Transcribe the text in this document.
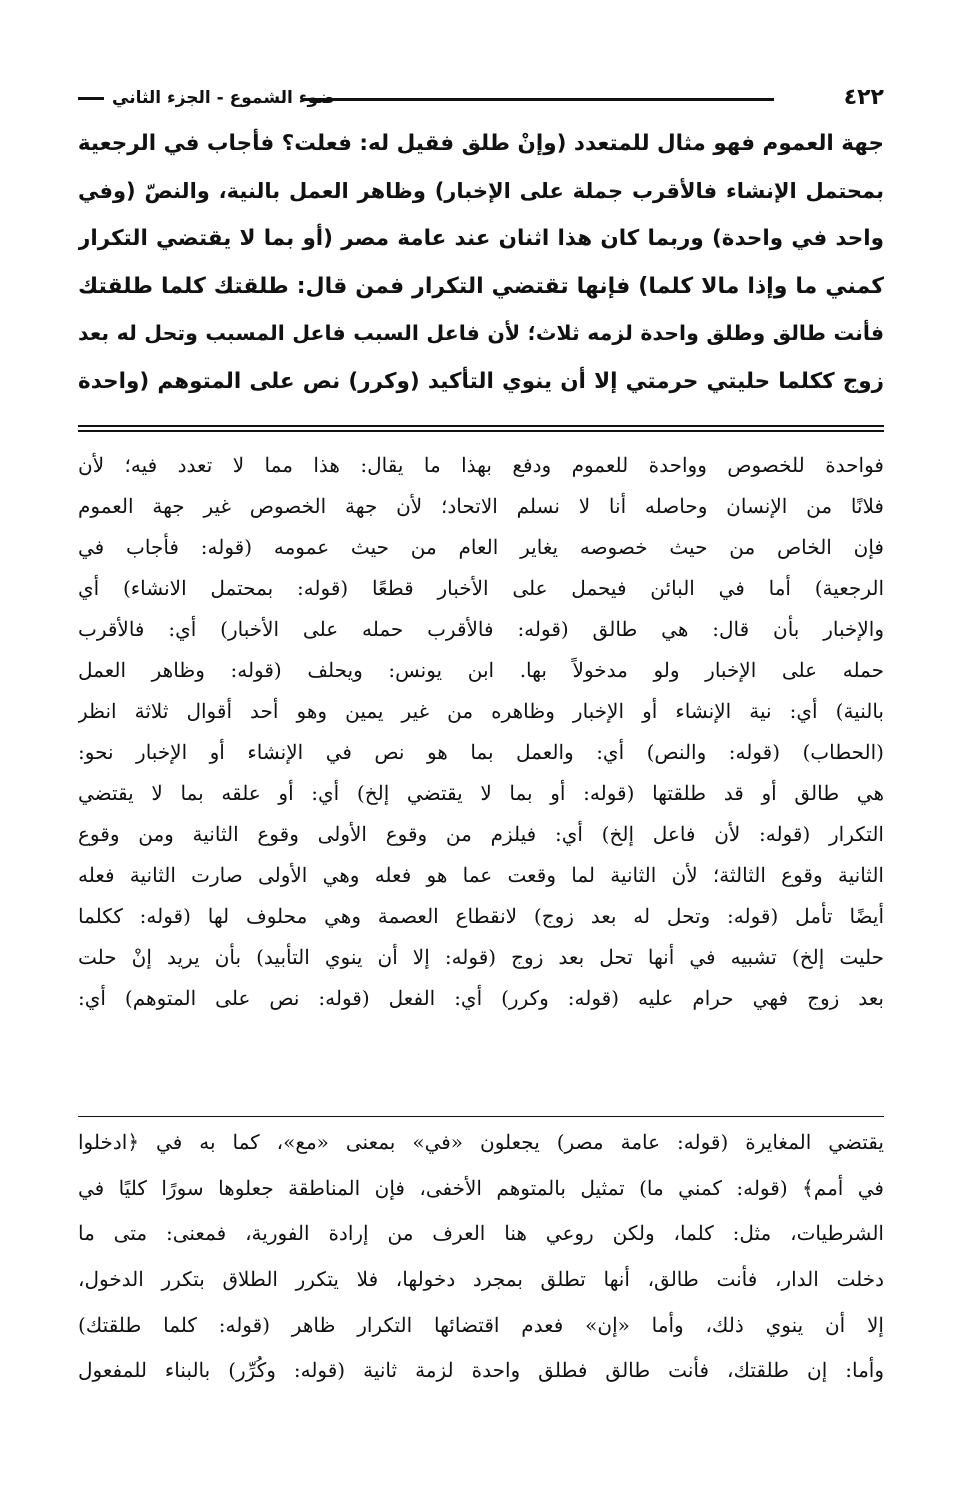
٤٢٢
ضوء الشموع - الجزء الثاني
جهة العموم فهو مثال للمتعدد (وإنْ طلق فقيل له: فعلت؟ فأجاب في الرجعية
بمحتمل الإنشاء فالأقرب جملة على الإخبار) وظاهر العمل بالنية، والنصّ (وفي
واحد في واحدة) وربما كان هذا اثنان عند عامة مصر (أو بما لا يقتضي التكرار
كمني ما وإذا مالا كلما) فإنها تقتضي التكرار فمن قال: طلقتك كلما طلقتك
فأنت طالق وطلق واحدة لزمه ثلاث؛ لأن فاعل السبب فاعل المسبب وتحل له بعد
زوج ككلما حليتي حرمتي إلا أن ينوي التأكيد (وكرر) نص على المتوهم (واحدة
فواحدة للخصوص وواحدة للعموم ودفع بهذا ما يقال: هذا مما لا تعدد فيه؛ لأن
فلانًا من الإنسان وحاصله أنا لا نسلم الاتحاد؛ لأن جهة الخصوص غير جهة العموم
فإن الخاص من حيث خصوصه يغاير العام من حيث عمومه (قوله: فأجاب في
الرجعية) أما في البائن فيحمل على الأخبار قطعًا (قوله: بمحتمل الانشاء) أي
والإخبار بأن قال: هي طالق (قوله: فالأقرب حمله على الأخبار) أي: فالأقرب
حمله على الإخبار ولو مدخولاً بها. ابن يونس: ويحلف (قوله: وظاهر العمل
بالنية) أي: نية الإنشاء أو الإخبار وظاهره من غير يمين وهو أحد أقوال ثلاثة انظر
(الحطاب) (قوله: والنص) أي: والعمل بما هو نص في الإنشاء أو الإخبار نحو:
هي طالق أو قد طلقتها (قوله: أو بما لا يقتضي إلخ) أي: أو علقه بما لا يقتضي
التكرار (قوله: لأن فاعل إلخ) أي: فيلزم من وقوع الأولى وقوع الثانية ومن وقوع
الثانية وقوع الثالثة؛ لأن الثانية لما وقعت عما هو فعله وهي الأولى صارت الثانية فعله
أيضًا تأمل (قوله: وتحل له بعد زوج) لانقطاع العصمة وهي محلوف لها (قوله: ككلما
حليت إلخ) تشبيه في أنها تحل بعد زوج (قوله: إلا أن ينوي التأبيد) بأن يريد إنْ حلت
بعد زوج فهي حرام عليه (قوله: وكرر) أي: الفعل (قوله: نص على المتوهم) أي:
يقتضي المغايرة (قوله: عامة مصر) يجعلون «في» بمعنى «مع»، كما به في ﴿ادخلوا
في أمم﴾ (قوله: كمني ما) تمثيل بالمتوهم الأخفى، فإن المناطقة جعلوها سورًا كليًا في
الشرطيات، مثل: كلما، ولكن روعي هنا العرف من إرادة الفورية، فمعنى: متى ما
دخلت الدار، فأنت طالق، أنها تطلق بمجرد دخولها، فلا يتكرر الطلاق بتكرر الدخول،
إلا أن ينوي ذلك، وأما «إن» فعدم اقتضائها التكرار ظاهر (قوله: كلما طلقتك)
وأما: إن طلقتك، فأنت طالق فطلق واحدة لزمة ثانية (قوله: وكُرِّر) بالبناء للمفعول
